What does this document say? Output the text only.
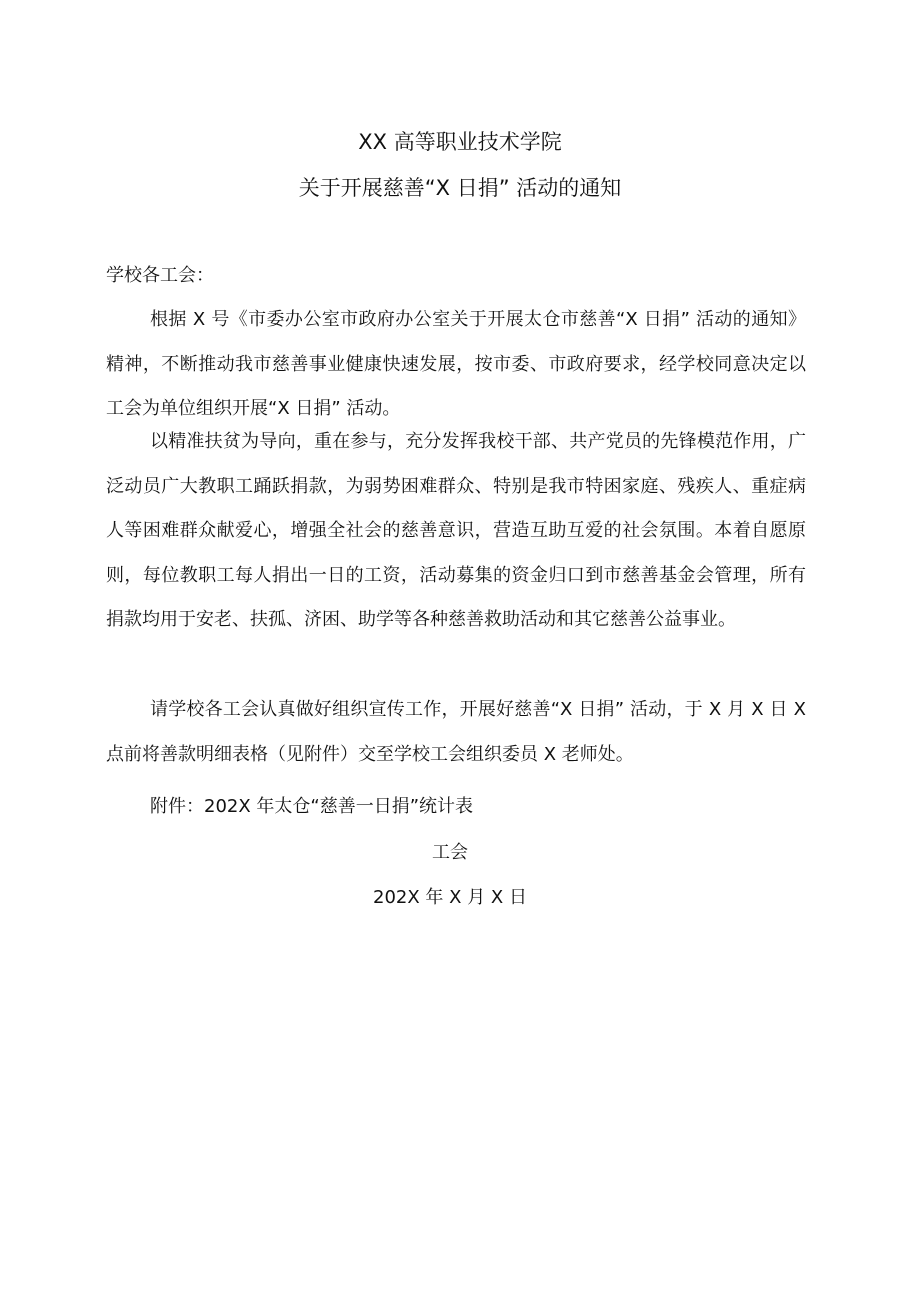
XX 高等职业技术学院
关于开展慈善“X 日捐” 活动的通知
学校各工会：

根据 X 号《市委办公室市政府办公室关于开展太仓市慈善“X 日捐” 活动的通知》精神，不断推动我市慈善事业健康快速发展，按市委、市政府要求，经学校同意决定以工会为单位组织开展“X 日捐” 活动。

以精准扶贫为导向，重在参与，充分发挥我校干部、共产党员的先锋模范作用，广泛动员广大教职工踊跃捐款，为弱势困难群众、特别是我市特困家庭、残疾人、重症病人等困难群众献爱心，增强全社会的慈善意识，营造互助互爱的社会氛围。本着自愿原则，每位教职工每人捐出一日的工资，活动募集的资金归口到市慈善基金会管理，所有捐款均用于安老、扶孤、济困、助学等各种慈善救助活动和其它慈善公益事业。

请学校各工会认真做好组织宣传工作，开展好慈善“X 日捐” 活动，于 X 月 X 日 X 点前将善款明细表格（见附件）交至学校工会组织委员 X 老师处。

附件：202X 年太仓“慈善一日捐”统计表
工会
202X 年 X 月 X 日
